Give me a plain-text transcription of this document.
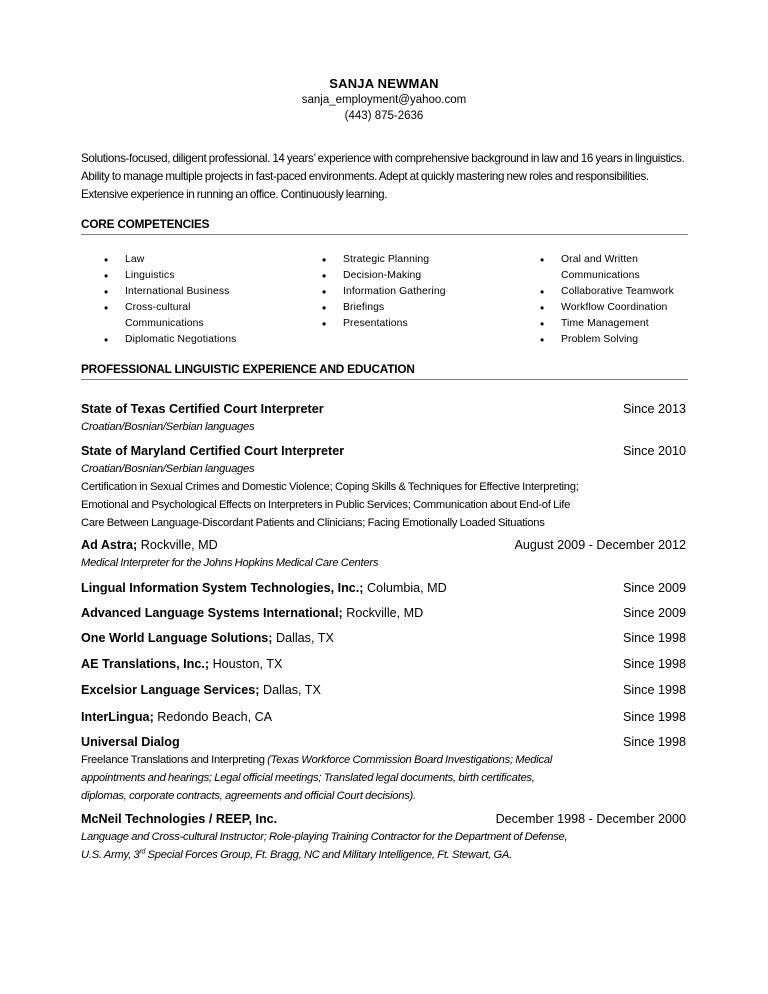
SANJA NEWMAN
sanja_employment@yahoo.com
(443) 875-2636
Solutions-focused, diligent professional. 14 years’ experience with comprehensive background in law and 16 years in linguistics. Ability to manage multiple projects in fast-paced environments. Adept at quickly mastering new roles and responsibilities. Extensive experience in running an office. Continuously learning.
CORE COMPETENCIES
• Law
• Linguistics
• International Business
• Cross-cultural Communications
• Diplomatic Negotiations
• Strategic Planning
• Decision-Making
• Information Gathering
• Briefings
• Presentations
• Oral and Written Communications
• Collaborative Teamwork
• Workflow Coordination
• Time Management
• Problem Solving
PROFESSIONAL LINGUISTIC EXPERIENCE AND EDUCATION
State of Texas Certified Court Interpreter	Since 2013
Croatian/Bosnian/Serbian languages
State of Maryland Certified Court Interpreter	Since 2010
Croatian/Bosnian/Serbian languages
Certification in Sexual Crimes and Domestic Violence; Coping Skills & Techniques for Effective Interpreting;
Emotional and Psychological Effects on Interpreters in Public Services; Communication about End-of Life
Care Between Language-Discordant Patients and Clinicians; Facing Emotionally Loaded Situations
Ad Astra; Rockville, MD	August 2009 - December 2012
Medical Interpreter for the Johns Hopkins Medical Care Centers
Lingual Information System Technologies, Inc.; Columbia, MD	Since 2009
Advanced Language Systems International; Rockville, MD	Since 2009
One World Language Solutions; Dallas, TX	Since 1998
AE Translations, Inc.; Houston, TX	Since 1998
Excelsior Language Services; Dallas, TX	Since 1998
InterLingua; Redondo Beach, CA	Since 1998
Universal Dialog	Since 1998
Freelance Translations and Interpreting (Texas Workforce Commission Board Investigations; Medical
appointments and hearings; Legal official meetings; Translated legal documents, birth certificates,
diplomas, corporate contracts, agreements and official Court decisions).
McNeil Technologies / REEP, Inc.	December 1998 - December 2000
Language and Cross-cultural Instructor; Role-playing Training Contractor for the Department of Defense,
U.S. Army, 3rd Special Forces Group, Ft. Bragg, NC and Military Intelligence, Ft. Stewart, GA.
